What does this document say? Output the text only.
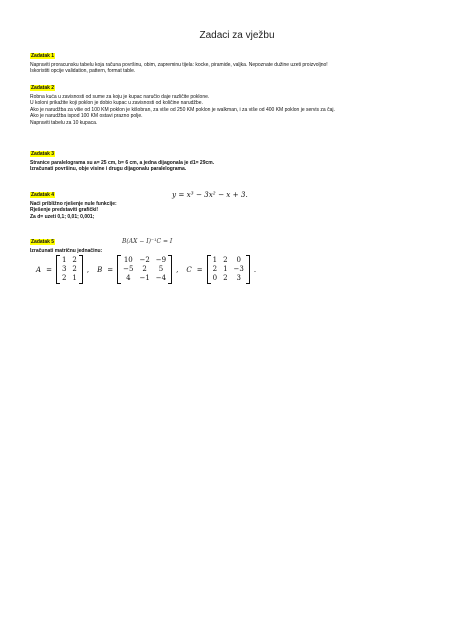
Zadaci za vježbu
Zadatak 1
Napraviti proracunsku tabelu koja računa površinu, obim, zapreminu tijela: kocke, piramide, valjka. Nepoznate dužine uzeti proizvoljno!
Iskoristiti opcije validation, pattern, format table.
Zadatak 2
Robna kuća u zavisnosti od sume za koju je kupac naručio daje različite poklone.
U koloni prikažite koji poklon je dobio kupac u zavisnosti od količine narudžbe.
Ako je narudžba za više od 100 KM poklon je kišobran, za više od 250 KM poklon je walkman, i za više od 400 KM poklon je servis za čaj.
Ako je narudžba ispod 100 KM ostavi prazno polje.
Napraviti tabelu za 10 kupaca.
Zadatak 3
Stranice paralelograma su a= 25 cm, b= 6 cm, a jedna dijagonala je d1= 29cm.
Izračunati površinu, obje visine i drugu dijagonalu paralelograma.
Zadatak 4
Naći približno rješenje nule funkcije:
Rješenje predstaviti grafički!
Za d= uzeti 0,1; 0,01; 0,001;
y = x³ − 3x² − x + 3.
Zadatak 5
Izračunati matričnu jednačinu:
B(AX − I)⁻¹C = I
A =
1 2
3 2
2 1
, B =
10 −2 −9
−5	2	5
4	−1 −4
, C =
1 2	0
2 1 −3
0 2	3
.
